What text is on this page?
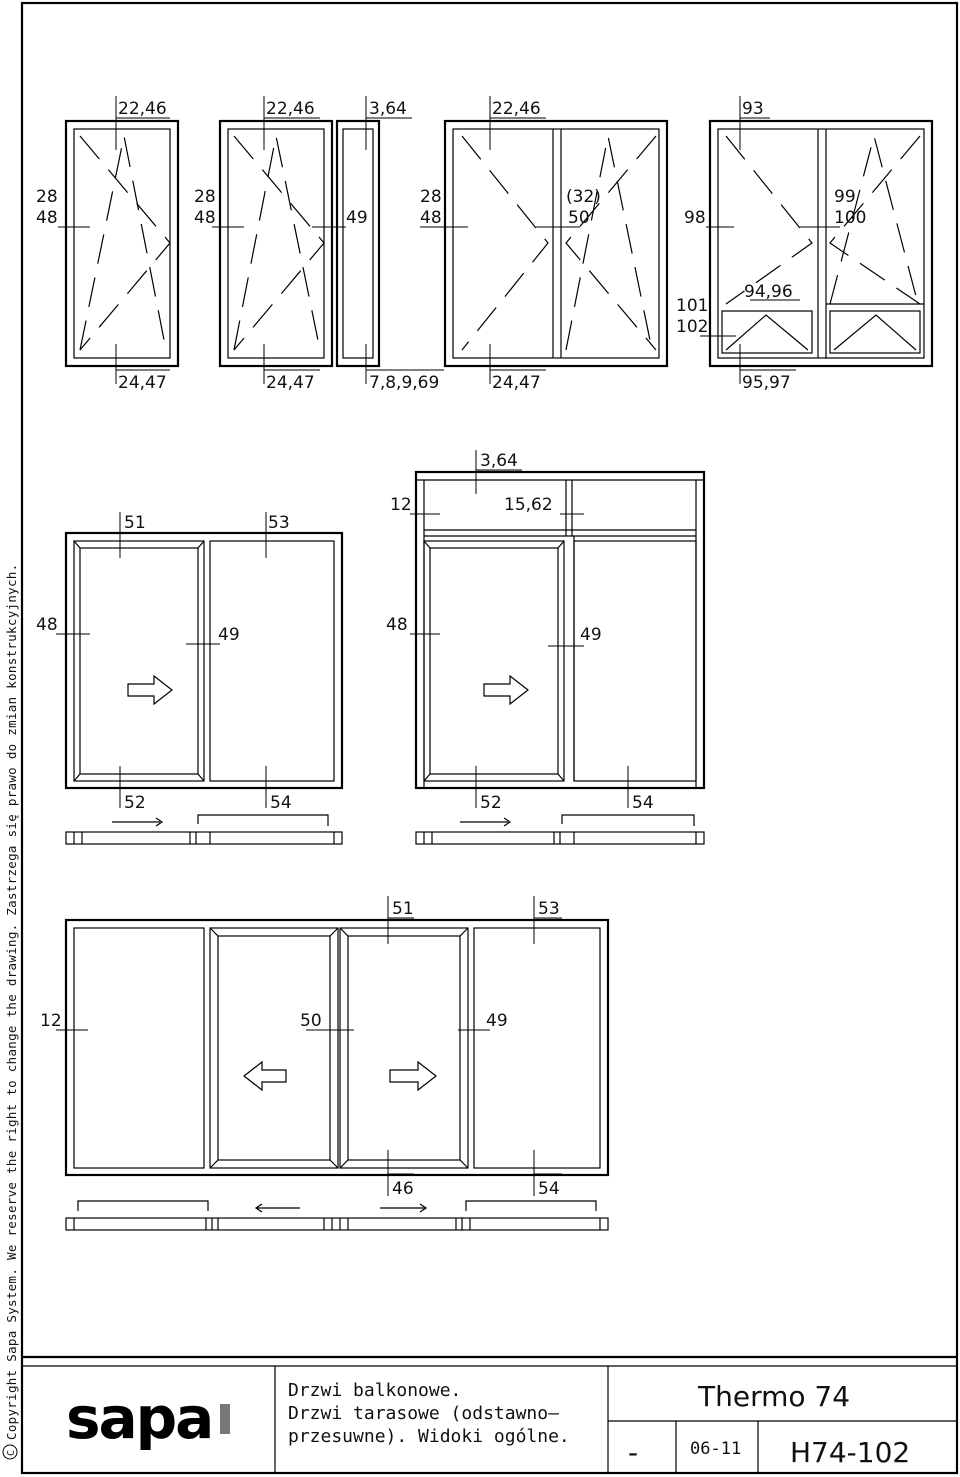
Copyright Sapa System. We reserve the right to change the drawing. Zastrzega się prawo do zmian konstrukcyjnych.
C
22,46	22,46	3,64	22,46	93
28
48
28
48	49
28
48
(32)
50	98
99
100
94,96
101
102
24,47	24,47	7,8,9,69	24,47	95,97
51	53
48	49
52	54
3,64
12	15,62
48	49
52	54
51	53
12	50	49
46	54
sapa	Drzwi balkonowe.
Drzwi tarasowe (odstawno—
przesuwne). Widoki ogólne.
Thermo 74
-	06-11 H74-102
